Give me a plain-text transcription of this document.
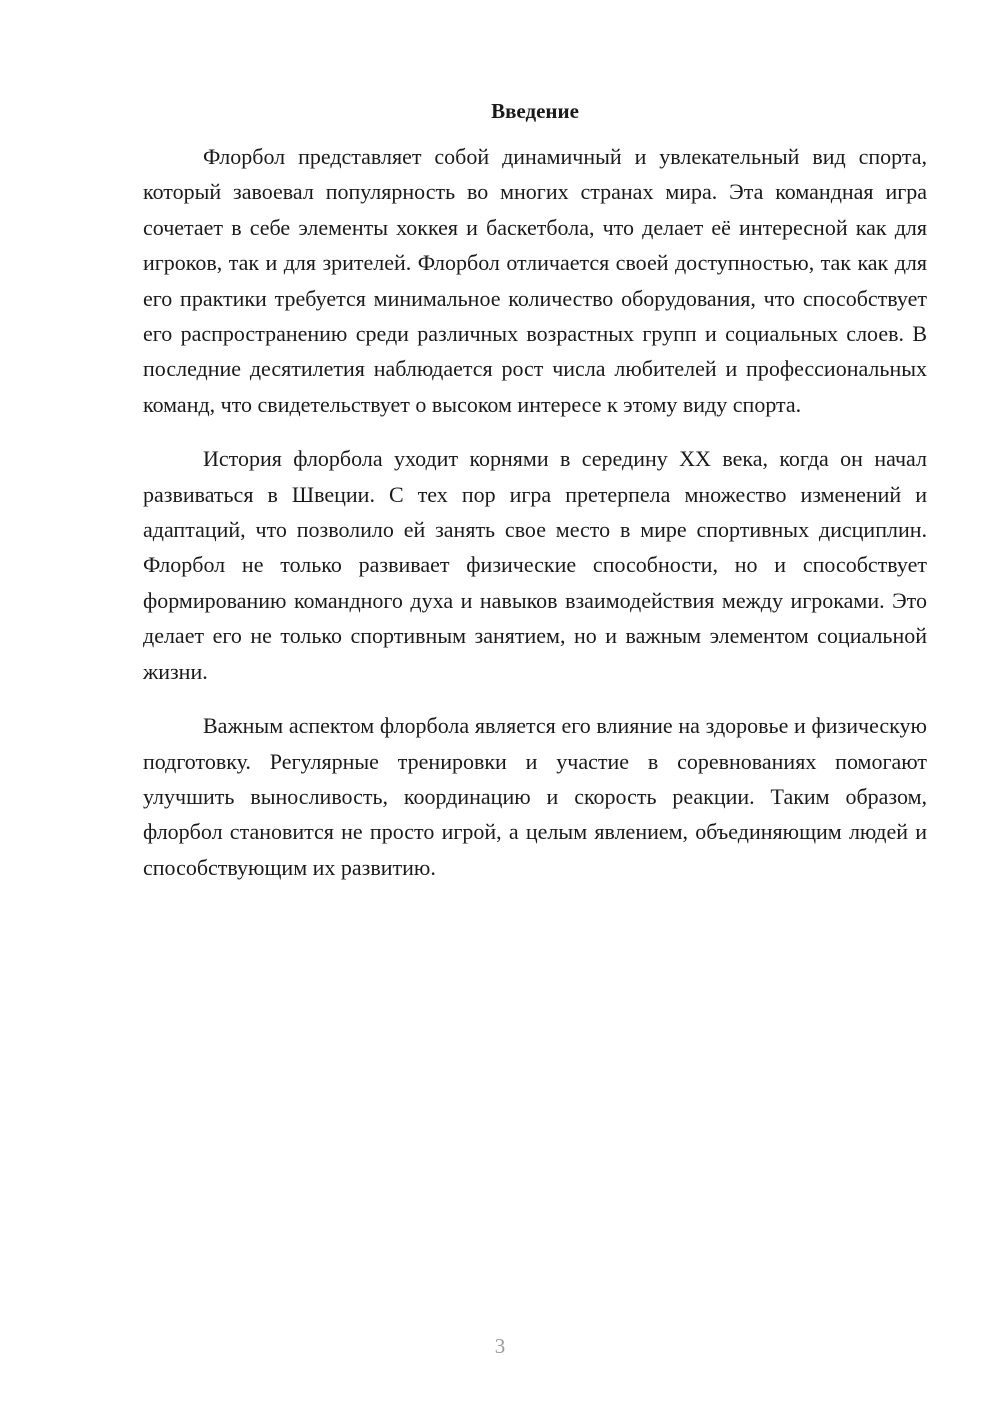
Введение

Флорбол представляет собой динамичный и увлекательный вид спорта, который завоевал популярность во многих странах мира. Эта командная игра сочетает в себе элементы хоккея и баскетбола, что делает её интересной как для игроков, так и для зрителей. Флорбол отличается своей доступностью, так как для его практики требуется минимальное количество оборудования, что способствует его распространению среди различных возрастных групп и социальных слоев. В последние десятилетия наблюдается рост числа любителей и профессиональных команд, что свидетельствует о высоком интересе к этому виду спорта.

История флорбола уходит корнями в середину XX века, когда он начал развиваться в Швеции. С тех пор игра претерпела множество изменений и адаптаций, что позволило ей занять свое место в мире спортивных дисциплин. Флорбол не только развивает физические способности, но и способствует формированию командного духа и навыков взаимодействия между игроками. Это делает его не только спортивным занятием, но и важным элементом социальной жизни.

Важным аспектом флорбола является его влияние на здоровье и физическую подготовку. Регулярные тренировки и участие в соревнованиях помогают улучшить выносливость, координацию и скорость реакции. Таким образом, флорбол становится не просто игрой, а целым явлением, объединяющим людей и способствующим их развитию.

3
